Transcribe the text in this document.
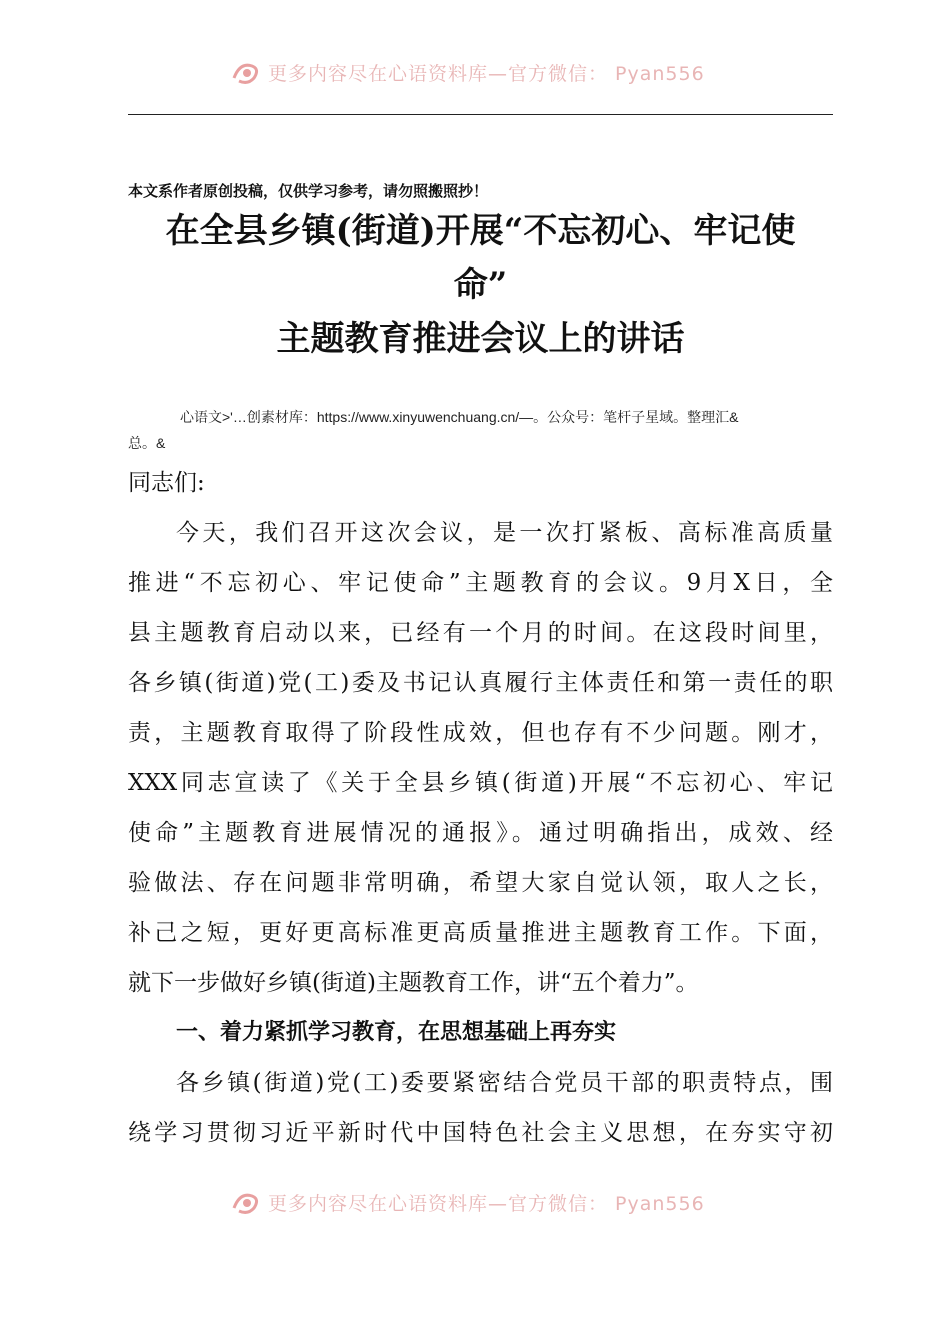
更多内容尽在心语资料库—官方微信： Pyan556
本文系作者原创投稿，仅供学习参考，请勿照搬照抄！
在全县乡镇(街道)开展“不忘初心、牢记使
命”
主题教育推进会议上的讲话
心语文>'…创素材库：https://www.xinyuwenchuang.cn/—。公众号：笔杆子星域。整理汇&
总。&
同志们:
今天，我们召开这次会议，是一次打紧板、高标准高质量
推进“不忘初心、牢记使命”主题教育的会议。9月X日，全
县主题教育启动以来，已经有一个月的时间。在这段时间里，
各乡镇(街道)党(工)委及书记认真履行主体责任和第一责任的职
责，主题教育取得了阶段性成效，但也存有不少问题。刚才，
XXX同志宣读了《关于全县乡镇(街道)开展“不忘初心、牢记
使命”主题教育进展情况的通报》。通过明确指出，成效、经
验做法、存在问题非常明确，希望大家自觉认领，取人之长，
补己之短，更好更高标准更高质量推进主题教育工作。下面，
就下一步做好乡镇(街道)主题教育工作，讲“五个着力”。
一、着力紧抓学习教育，在思想基础上再夯实
各乡镇(街道)党(工)委要紧密结合党员干部的职责特点，围
绕学习贯彻习近平新时代中国特色社会主义思想，在夯实守初
更多内容尽在心语资料库—官方微信： Pyan556
